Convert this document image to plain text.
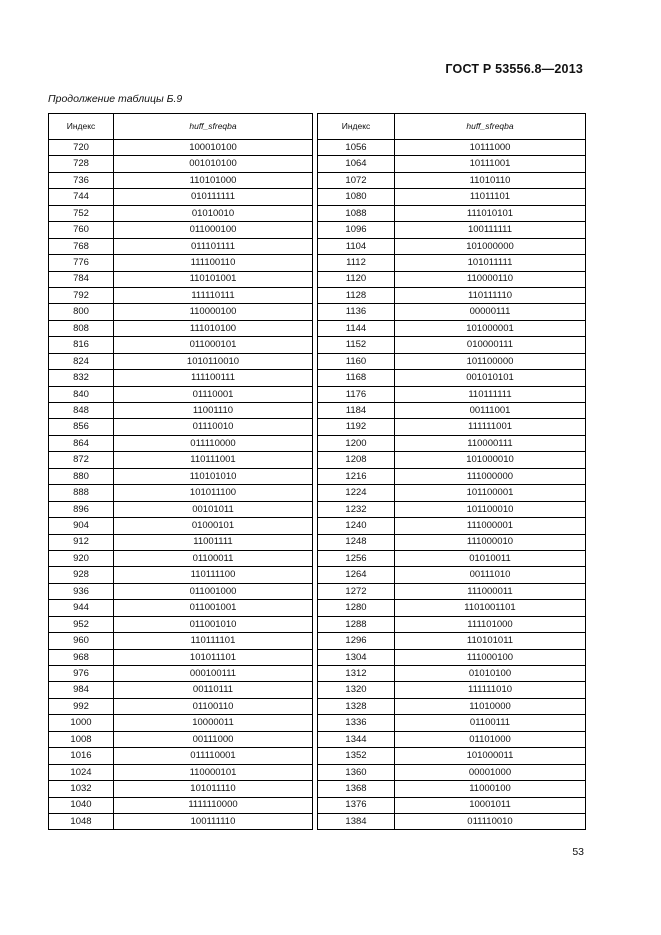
ГОСТ Р 53556.8—2013
Продолжение таблицы Б.9
Индекс	huff_sfreqba
720	100010100
728	001010100
736	110101000
744	010111111
752	01010010
760	011000100
768	011101111
776	111100110
784	110101001
792	111110111
800	110000100
808	111010100
816	011000101
824	1010110010
832	111100111
840	01110001
848	11001110
856	01110010
864	011110000
872	110111001
880	110101010
888	101011100
896	00101011
904	01000101
912	11001111
920	01100011
928	110111100
936	011001000
944	011001001
952	011001010
960	110111101
968	101011101
976	000100111
984	00110111
992	01100110
1000	10000011
1008	00111000
1016	011110001
1024	110000101
1032	101011110
1040	1111110000
1048	100111110
Индекс	huff_sfreqba
1056	10111000
1064	10111001
1072	11010110
1080	11011101
1088	111010101
1096	100111111
1104	101000000
1112	101011111
1120	110000110
1128	110111110
1136	00000111
1144	101000001
1152	010000111
1160	101100000
1168	001010101
1176	110111111
1184	00111001
1192	111111001
1200	110000111
1208	101000010
1216	111000000
1224	101100001
1232	101100010
1240	111000001
1248	111000010
1256	01010011
1264	00111010
1272	111000011
1280	1101001101
1288	111101000
1296	110101011
1304	111000100
1312	01010100
1320	111111010
1328	11010000
1336	01100111
1344	01101000
1352	101000011
1360	00001000
1368	11000100
1376	10001011
1384	011110010
53
